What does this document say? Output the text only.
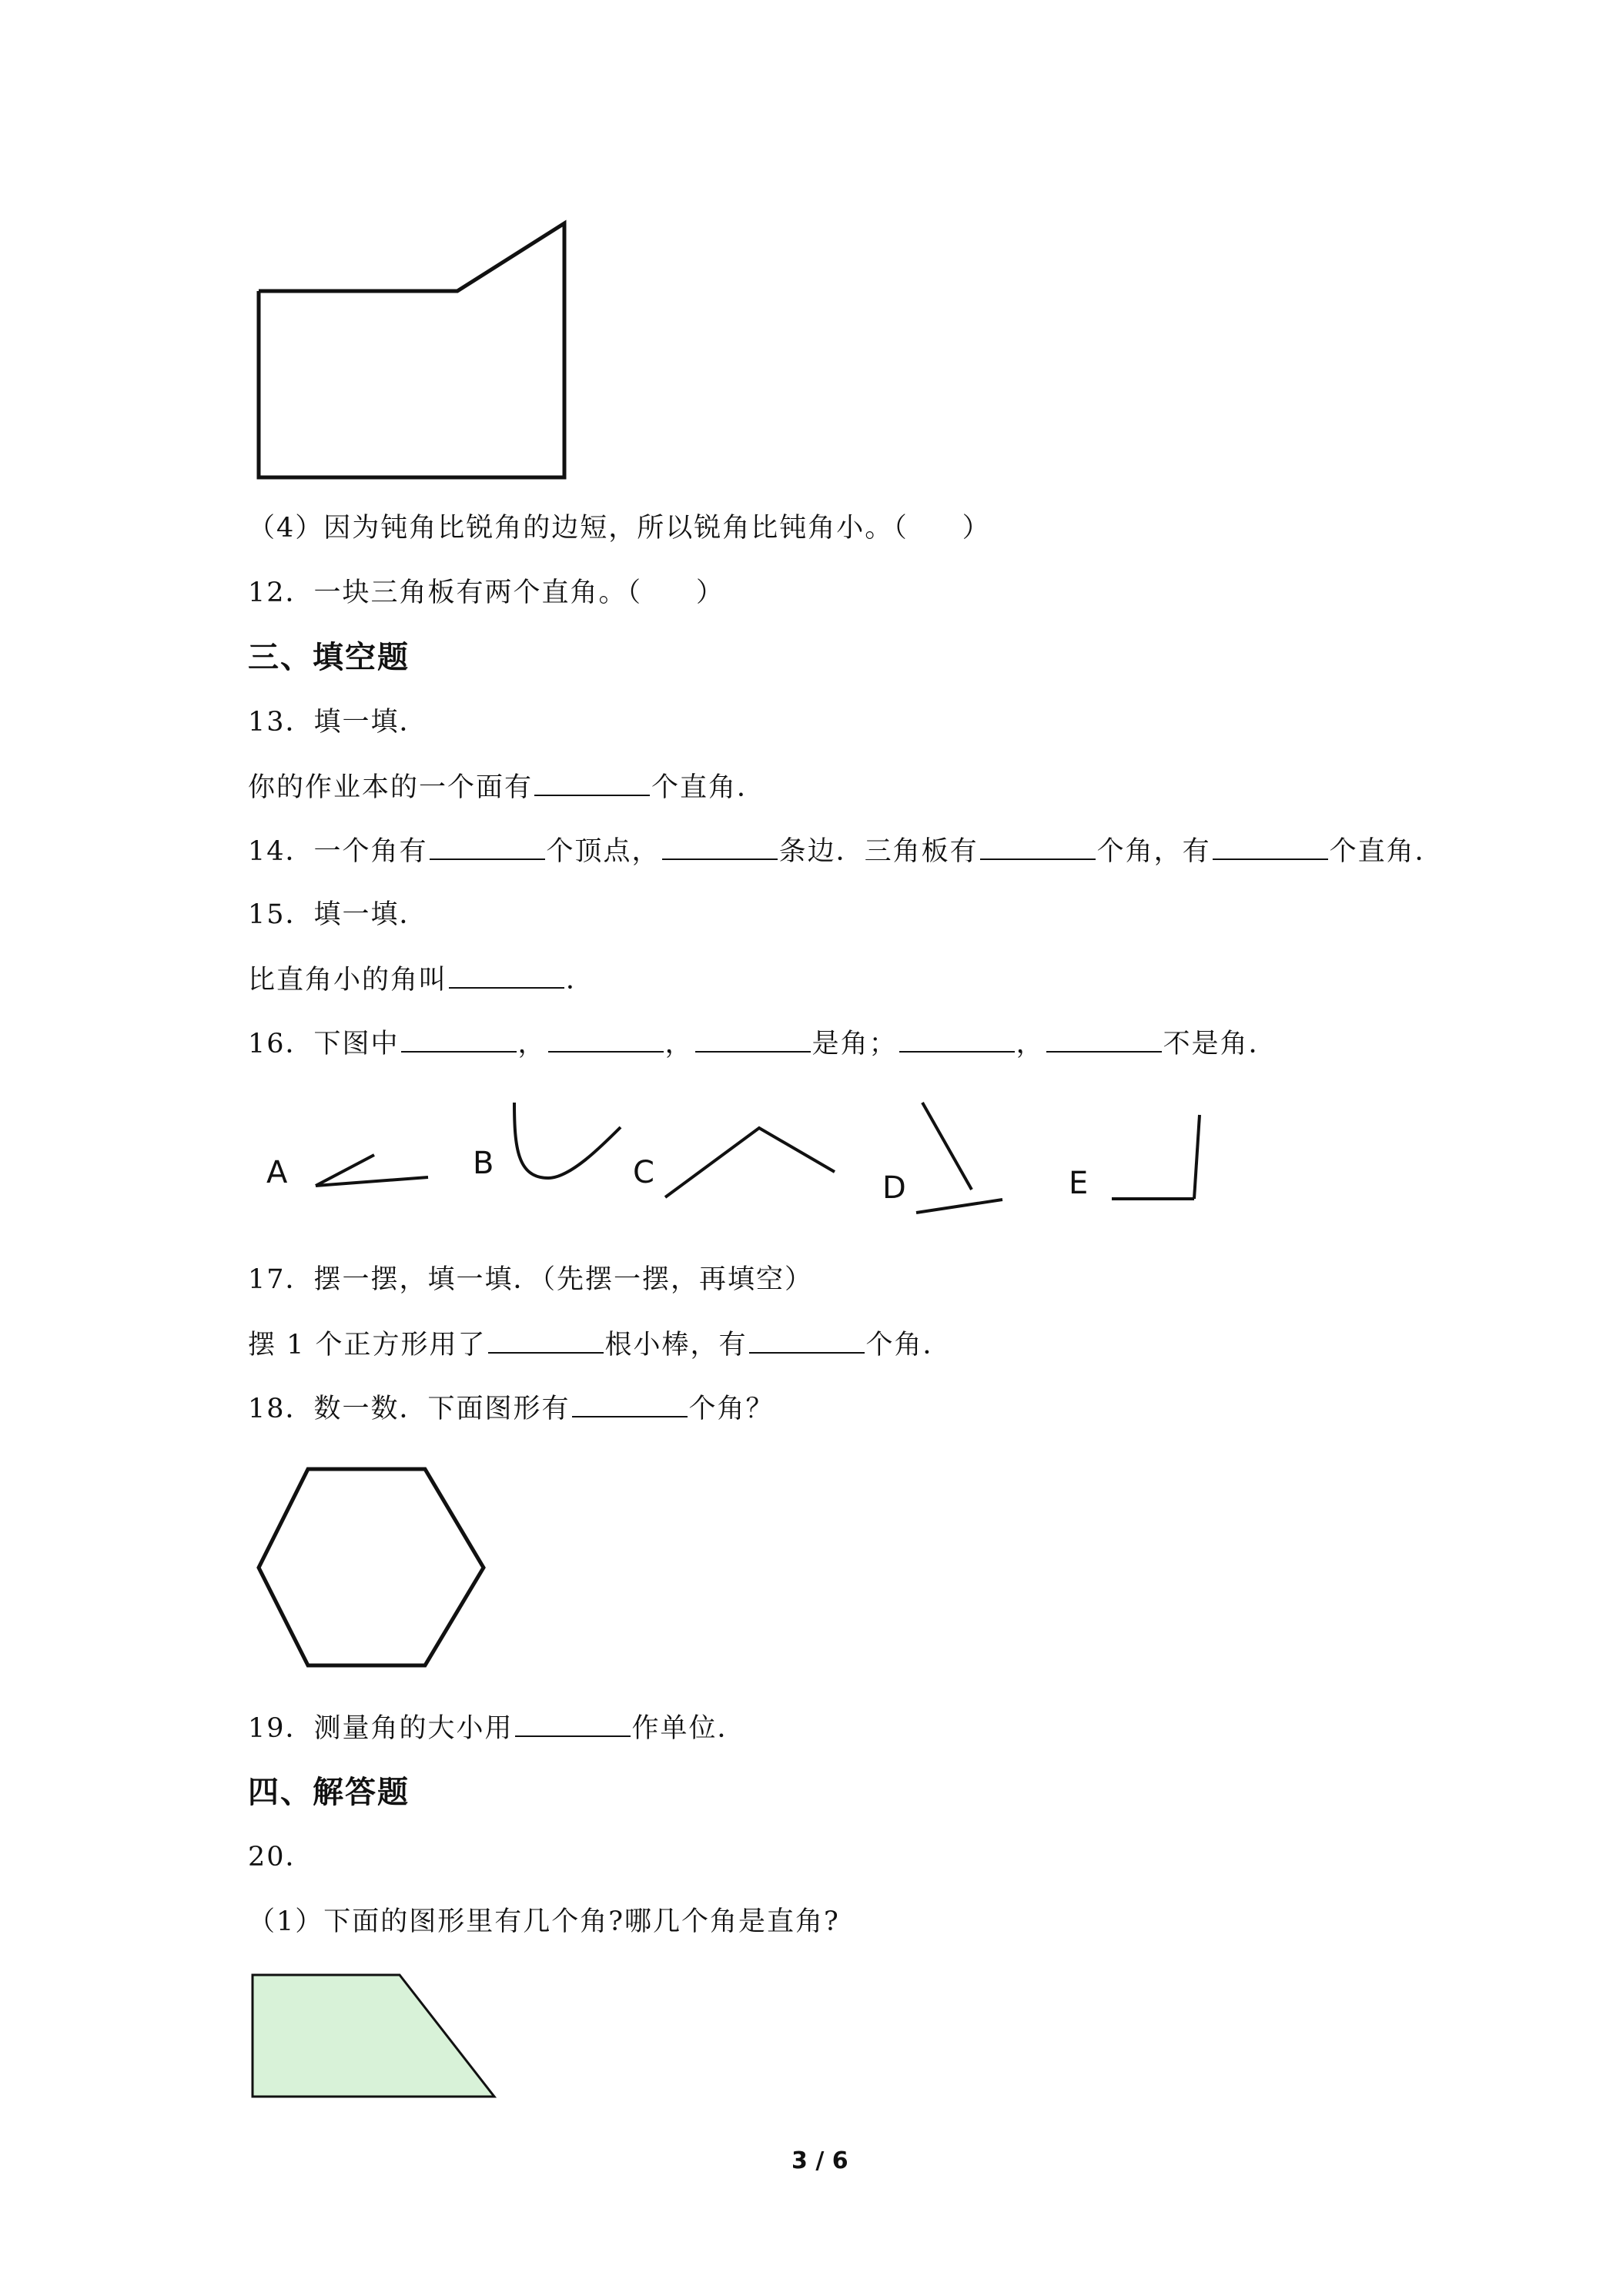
（4）因为钝角比锐角的边短，所以锐角比钝角小。（ ）
12．一块三角板有两个直角。（ ）
三、填空题
13．填一填．
你的作业本的一个面有	个直角．
14．一个角有	个顶点，	条边．三角板有	个角，有	个直角．
15．填一填．
比直角小的角叫	．
16．下图中	，	，	是角；	，	不是角．
A	B	C	D	E
17．摆一摆，填一填．（先摆一摆，再填空）
摆 1 个正方形用了	根小棒，有	个角．
18．数一数．下面图形有	个角？
19．测量角的大小用	作单位．
四、解答题
20．
（1）下面的图形里有几个角?哪几个角是直角?
3 / 6
